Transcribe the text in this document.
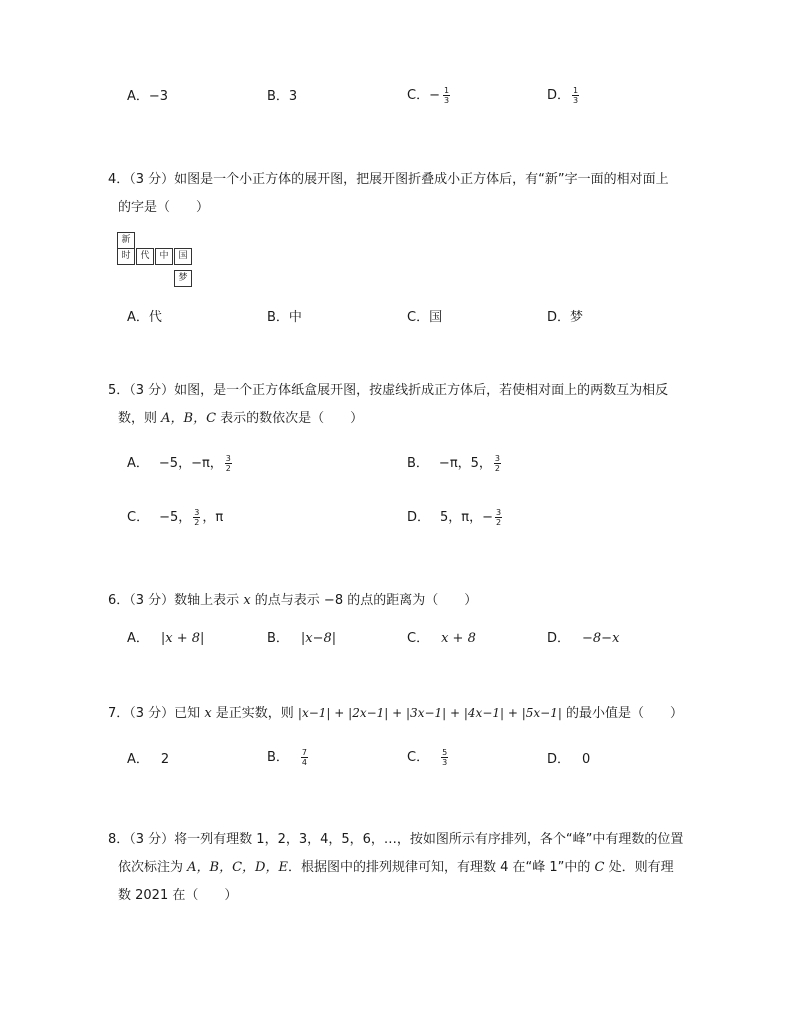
A． −3	B． 3	C． − $\frac{1}{3}$	D． $\frac{1}{3}$
4．（3 分）如图是一个小正方体的展开图，把展开图折叠成小正方体后，有“新”字一面的相对面上
的字是（　　）
新
时	代	中	国
梦
A． 代	B． 中	C． 国	D． 梦
5．（3 分）如图，是一个正方体纸盒展开图，按虚线折成正方体后，若使相对面上的两数互为相反
数，则 A，B，C 表示的数依次是（　　）
A． −5，−π， $\frac{3}{2}$	B． −π，5， $\frac{3}{2}$
C． −5， $\frac{3}{2}$ ，π	D． 5，π，− $\frac{3}{2}$
6．（3 分）数轴上表示 x 的点与表示 −8 的点的距离为（　　）
A． |x + 8|	B． |x−8|	C． x + 8	D． −8−x
7．（3 分）已知 x 是正实数，则 |x−1| + |2x−1| + |3x−1| + |4x−1| + |5x−1| 的最小值是（　　）
A． 2	B． $\frac{7}{4}$	C． $\frac{5}{3}$	D． 0
8．（3 分）将一列有理数 1，2，3，4，5，6，…，按如图所示有序排列，各个“峰”中有理数的位置
依次标注为 A，B，C，D，E．根据图中的排列规律可知，有理数 4 在“峰 1”中的 C 处．则有理
数 2021 在（　　）
